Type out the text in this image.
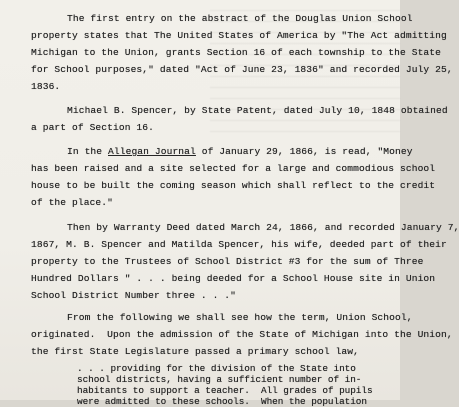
The first entry on the abstract of the Douglas Union School
property states that The United States of America by "The Act admitting
Michigan to the Union, grants Section 16 of each township to the State
for School purposes," dated "Act of June 23, 1836" and recorded July 25,
1836.
Michael B. Spencer, by State Patent, dated July 10, 1848 obtained
a part of Section 16.
In the Allegan Journal of January 29, 1866, is read, "Money
has been raised and a site selected for a large and commodious school
house to be built the coming season which shall reflect to the credit
of the place."
Then by Warranty Deed dated March 24, 1866, and recorded January 7,
1867, M. B. Spencer and Matilda Spencer, his wife, deeded part of their
property to the Trustees of School District #3 for the sum of Three
Hundred Dollars " . . . being deeded for a School House site in Union
School District Number three . . ."
From the following we shall see how the term, Union School,
originated.  Upon the admission of the State of Michigan into the Union,
the first State Legislature passed a primary school law,
. . . providing for the division of the State into
school districts, having a sufficient number of in-
habitants to support a teacher.  All grades of pupils
were admitted to these schools.  When the population
